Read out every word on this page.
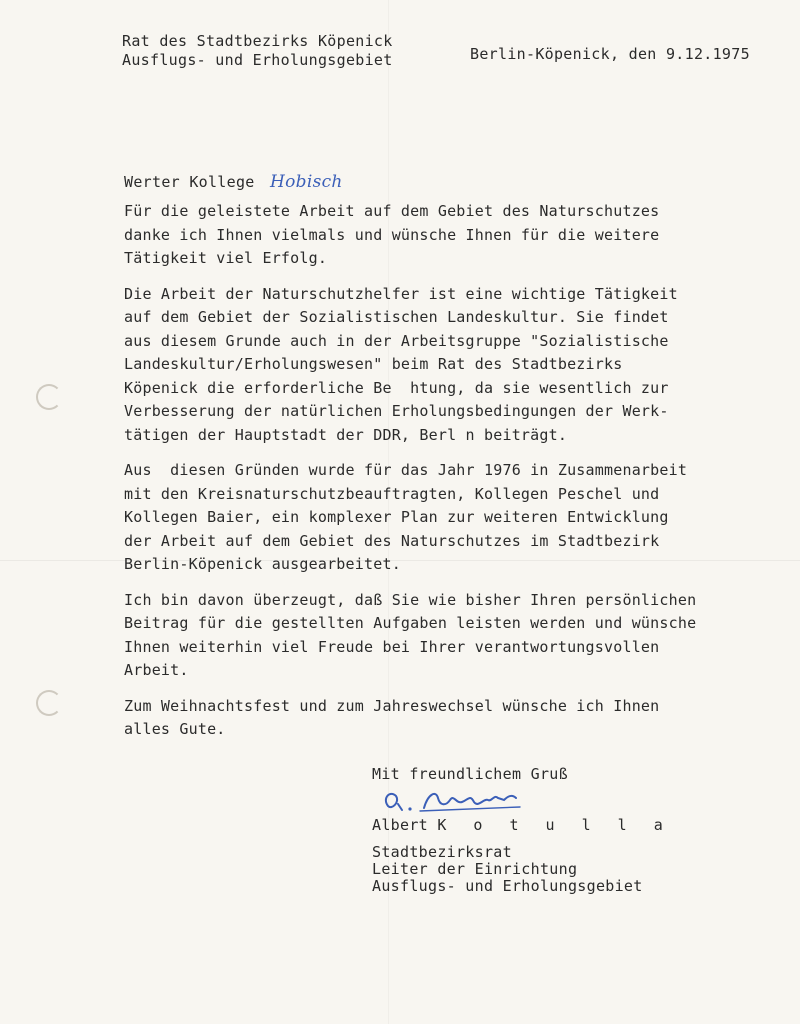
Rat des Stadtbezirks Köpenick
Ausflugs- und Erholungsgebiet	Berlin-Köpenick, den 9.12.1975
Werter Kollege Hobisch

Für die geleistete Arbeit auf dem Gebiet des Naturschutzes
danke ich Ihnen vielmals und wünsche Ihnen für die weitere
Tätigkeit viel Erfolg.

Die Arbeit der Naturschutzhelfer ist eine wichtige Tätigkeit
auf dem Gebiet der Sozialistischen Landeskultur. Sie findet
aus diesem Grunde auch in der Arbeitsgruppe "Sozialistische
Landeskultur/Erholungswesen" beim Rat des Stadtbezirks
Köpenick die erforderliche Be  htung, da sie wesentlich zur
Verbesserung der natürlichen Erholungsbedingungen der Werk-
tätigen der Hauptstadt der DDR, Berl n beiträgt.

Aus  diesen Gründen wurde für das Jahr 1976 in Zusammenarbeit
mit den Kreisnaturschutzbeauftragten, Kollegen Peschel und
Kollegen Baier, ein komplexer Plan zur weiteren Entwicklung
der Arbeit auf dem Gebiet des Naturschutzes im Stadtbezirk
Berlin-Köpenick ausgearbeitet.

Ich bin davon überzeugt, daß Sie wie bisher Ihren persönlichen
Beitrag für die gestellten Aufgaben leisten werden und wünsche
Ihnen weiterhin viel Freude bei Ihrer verantwortungsvollen
Arbeit.

Zum Weihnachtsfest und zum Jahreswechsel wünsche ich Ihnen
alles Gute.

Mit freundlichem Gruß
Albert K o t u l l a
Stadtbezirksrat
Leiter der Einrichtung
Ausflugs- und Erholungsgebiet
